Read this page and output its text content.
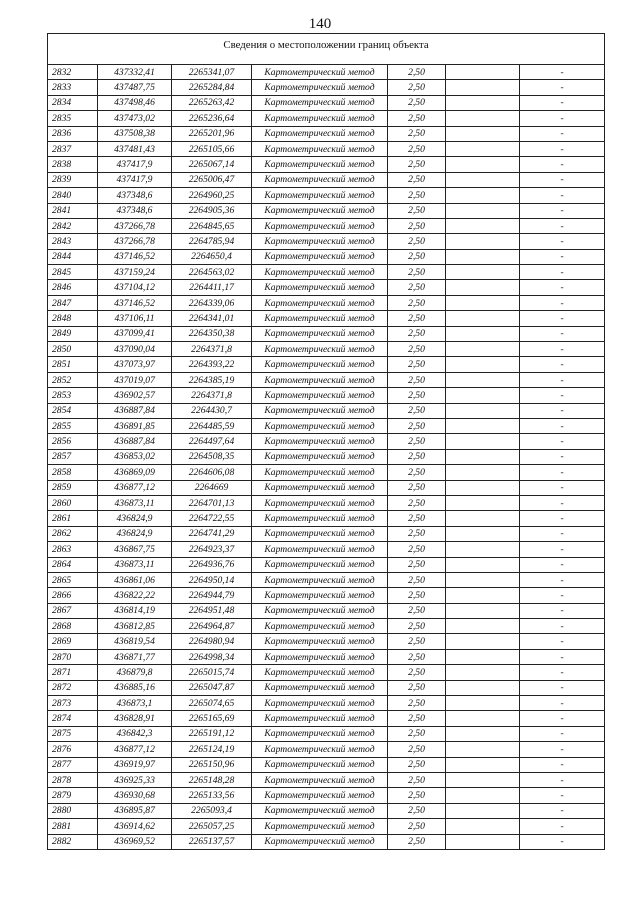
140
Сведения о местоположении границ объекта						
2832	437332,41	2265341,07	Картометрический метод	2,50		-
2833	437487,75	2265284,84	Картометрический метод	2,50		-
2834	437498,46	2265263,42	Картометрический метод	2,50		-
2835	437473,02	2265236,64	Картометрический метод	2,50		-
2836	437508,38	2265201,96	Картометрический метод	2,50		-
2837	437481,43	2265105,66	Картометрический метод	2,50		-
2838	437417,9	2265067,14	Картометрический метод	2,50		-
2839	437417,9	2265006,47	Картометрический метод	2,50		-
2840	437348,6	2264960,25	Картометрический метод	2,50		-
2841	437348,6	2264905,36	Картометрический метод	2,50		-
2842	437266,78	2264845,65	Картометрический метод	2,50		-
2843	437266,78	2264785,94	Картометрический метод	2,50		-
2844	437146,52	2264650,4	Картометрический метод	2,50		-
2845	437159,24	2264563,02	Картометрический метод	2,50		-
2846	437104,12	2264411,17	Картометрический метод	2,50		-
2847	437146,52	2264339,06	Картометрический метод	2,50		-
2848	437106,11	2264341,01	Картометрический метод	2,50		-
2849	437099,41	2264350,38	Картометрический метод	2,50		-
2850	437090,04	2264371,8	Картометрический метод	2,50		-
2851	437073,97	2264393,22	Картометрический метод	2,50		-
2852	437019,07	2264385,19	Картометрический метод	2,50		-
2853	436902,57	2264371,8	Картометрический метод	2,50		-
2854	436887,84	2264430,7	Картометрический метод	2,50		-
2855	436891,85	2264485,59	Картометрический метод	2,50		-
2856	436887,84	2264497,64	Картометрический метод	2,50		-
2857	436853,02	2264508,35	Картометрический метод	2,50		-
2858	436869,09	2264606,08	Картометрический метод	2,50		-
2859	436877,12	2264669	Картометрический метод	2,50		-
2860	436873,11	2264701,13	Картометрический метод	2,50		-
2861	436824,9	2264722,55	Картометрический метод	2,50		-
2862	436824,9	2264741,29	Картометрический метод	2,50		-
2863	436867,75	2264923,37	Картометрический метод	2,50		-
2864	436873,11	2264936,76	Картометрический метод	2,50		-
2865	436861,06	2264950,14	Картометрический метод	2,50		-
2866	436822,22	2264944,79	Картометрический метод	2,50		-
2867	436814,19	2264951,48	Картометрический метод	2,50		-
2868	436812,85	2264964,87	Картометрический метод	2,50		-
2869	436819,54	2264980,94	Картометрический метод	2,50		-
2870	436871,77	2264998,34	Картометрический метод	2,50		-
2871	436879,8	2265015,74	Картометрический метод	2,50		-
2872	436885,16	2265047,87	Картометрический метод	2,50		-
2873	436873,1	2265074,65	Картометрический метод	2,50		-
2874	436828,91	2265165,69	Картометрический метод	2,50		-
2875	436842,3	2265191,12	Картометрический метод	2,50		-
2876	436877,12	2265124,19	Картометрический метод	2,50		-
2877	436919,97	2265150,96	Картометрический метод	2,50		-
2878	436925,33	2265148,28	Картометрический метод	2,50		-
2879	436930,68	2265133,56	Картометрический метод	2,50		-
2880	436895,87	2265093,4	Картометрический метод	2,50		-
2881	436914,62	2265057,25	Картометрический метод	2,50		-
2882	436969,52	2265137,57	Картометрический метод	2,50		-
